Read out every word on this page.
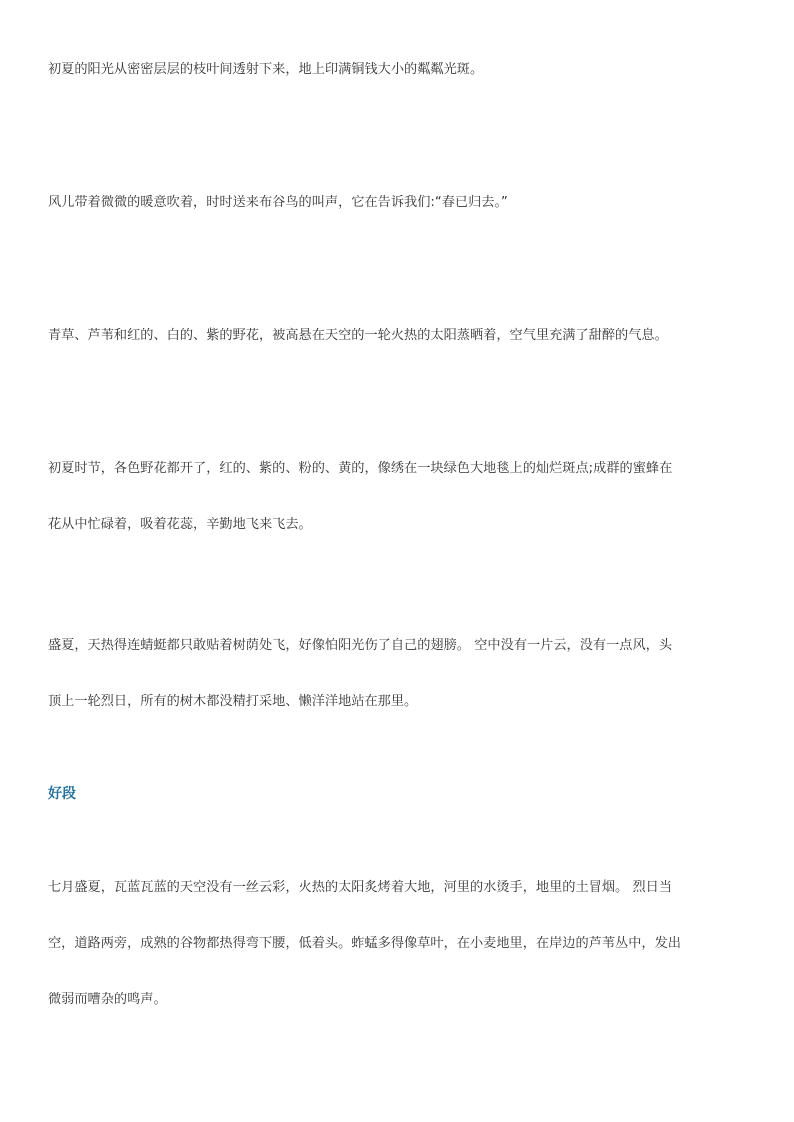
初夏的阳光从密密层层的枝叶间透射下来，地上印满铜钱大小的粼粼光斑。

风儿带着微微的暖意吹着，时时送来布谷鸟的叫声，它在告诉我们:“春已归去。”

青草、芦苇和红的、白的、紫的野花，被高悬在天空的一轮火热的太阳蒸晒着，空气里充满了甜醉的气息。

初夏时节，各色野花都开了，红的、紫的、粉的、黄的，像绣在一块绿色大地毯上的灿烂斑点;成群的蜜蜂在
花从中忙碌着，吸着花蕊，辛勤地飞来飞去。

盛夏，天热得连蜻蜓都只敢贴着树荫处飞，好像怕阳光伤了自己的翅膀。 空中没有一片云，没有一点风，头
顶上一轮烈日，所有的树木都没精打采地、懒洋洋地站在那里。

好段

七月盛夏，瓦蓝瓦蓝的天空没有一丝云彩，火热的太阳炙烤着大地，河里的水烫手，地里的土冒烟。 烈日当
空，道路两旁，成熟的谷物都热得弯下腰，低着头。蚱蜢多得像草叶，在小麦地里，在岸边的芦苇丛中，发出
微弱而嘈杂的鸣声。
